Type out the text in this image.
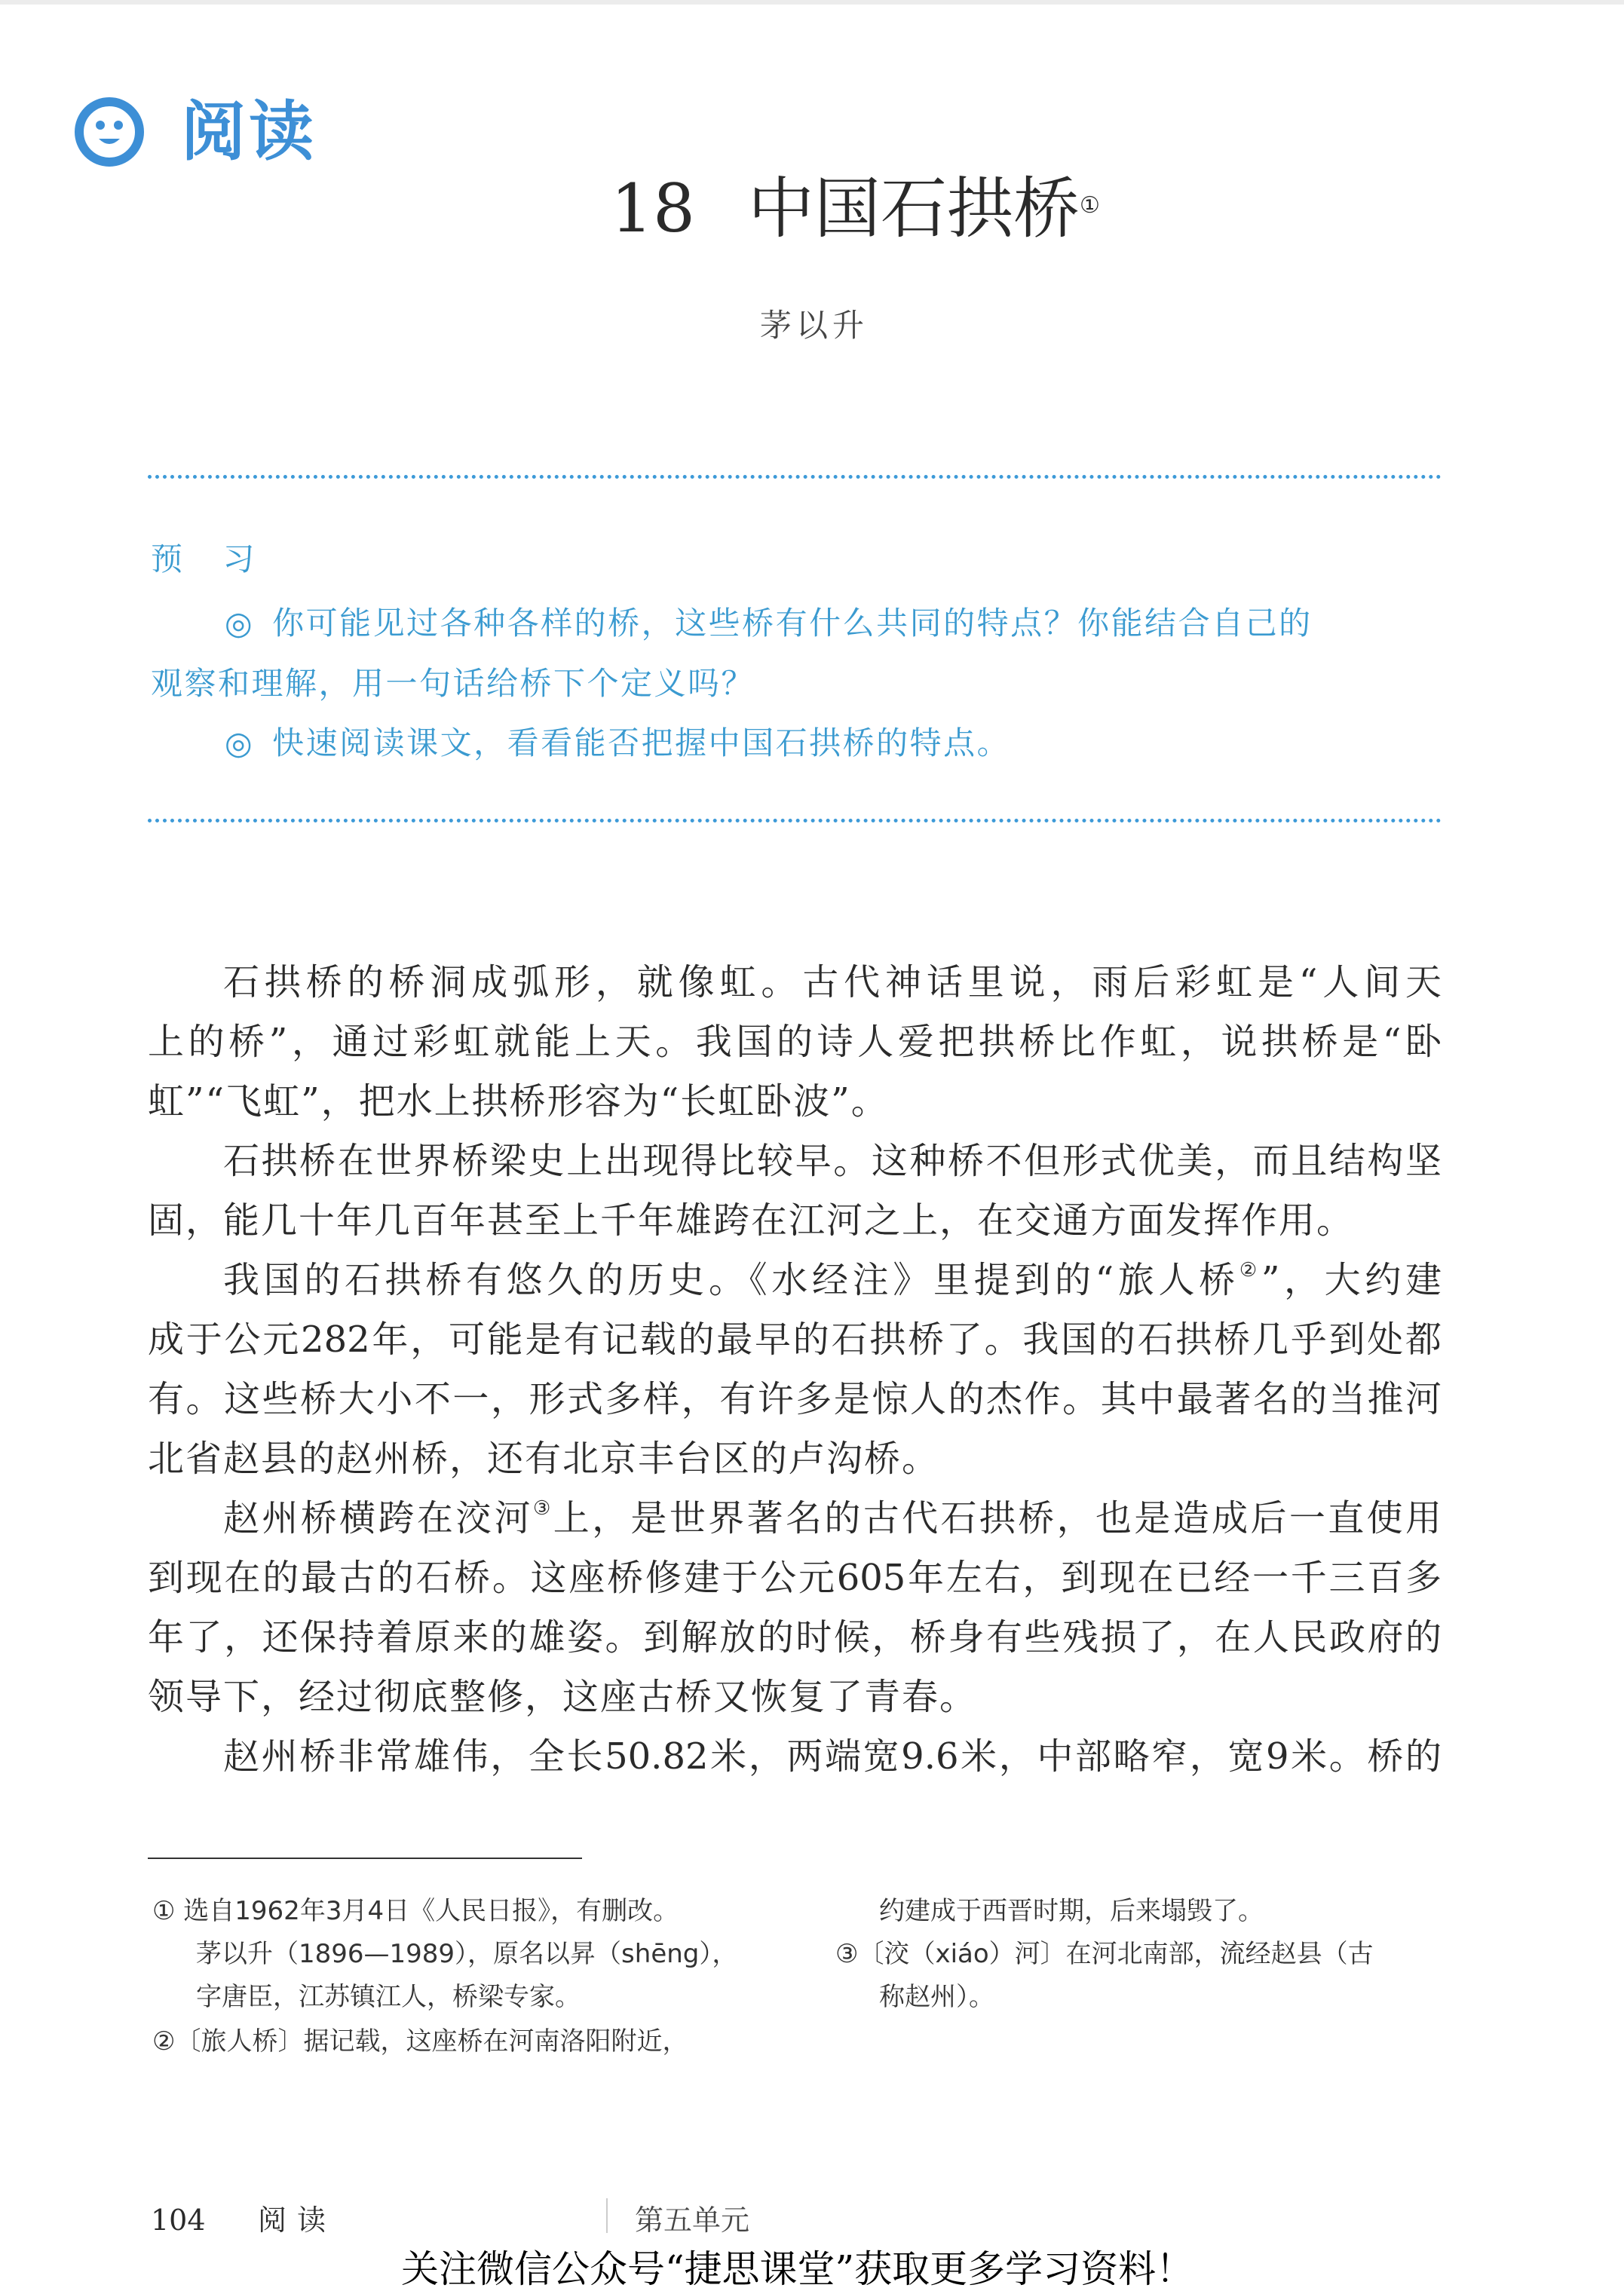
阅读
18 中国石拱桥①
茅以升
预 习
◎ 你可能见过各种各样的桥，这些桥有什么共同的特点？你能结合自己的
观察和理解，用一句话给桥下个定义吗？
◎ 快速阅读课文，看看能否把握中国石拱桥的特点。
石拱桥的桥洞成弧形，就像虹。古代神话里说，雨后彩虹是“人间天
上的桥”，通过彩虹就能上天。我国的诗人爱把拱桥比作虹，说拱桥是“卧
虹”“飞虹”，把水上拱桥形容为“长虹卧波”。
石拱桥在世界桥梁史上出现得比较早。这种桥不但形式优美，而且结构坚
固，能几十年几百年甚至上千年雄跨在江河之上，在交通方面发挥作用。
我国的石拱桥有悠久的历史。《水经注》里提到的“旅人桥②”，大约建
成于公元282年，可能是有记载的最早的石拱桥了。我国的石拱桥几乎到处都
有。这些桥大小不一，形式多样，有许多是惊人的杰作。其中最著名的当推河
北省赵县的赵州桥，还有北京丰台区的卢沟桥。
赵州桥横跨在洨河③上，是世界著名的古代石拱桥，也是造成后一直使用
到现在的最古的石桥。这座桥修建于公元605年左右，到现在已经一千三百多
年了，还保持着原来的雄姿。到解放的时候，桥身有些残损了，在人民政府的
领导下，经过彻底整修，这座古桥又恢复了青春。
赵州桥非常雄伟，全长50.82米，两端宽9.6米，中部略窄，宽9米。桥的
① 选自1962年3月4日《人民日报》，有删改。
茅以升（1896—1989），原名以昇（shēng），
字唐臣，江苏镇江人，桥梁专家。
②〔旅人桥〕据记载，这座桥在河南洛阳附近，
约建成于西晋时期，后来塌毁了。
③〔洨（xiáo）河〕在河北南部，流经赵县（古
称赵州）。
104 阅读	第五单元
关注微信公众号“捷思课堂”获取更多学习资料！
